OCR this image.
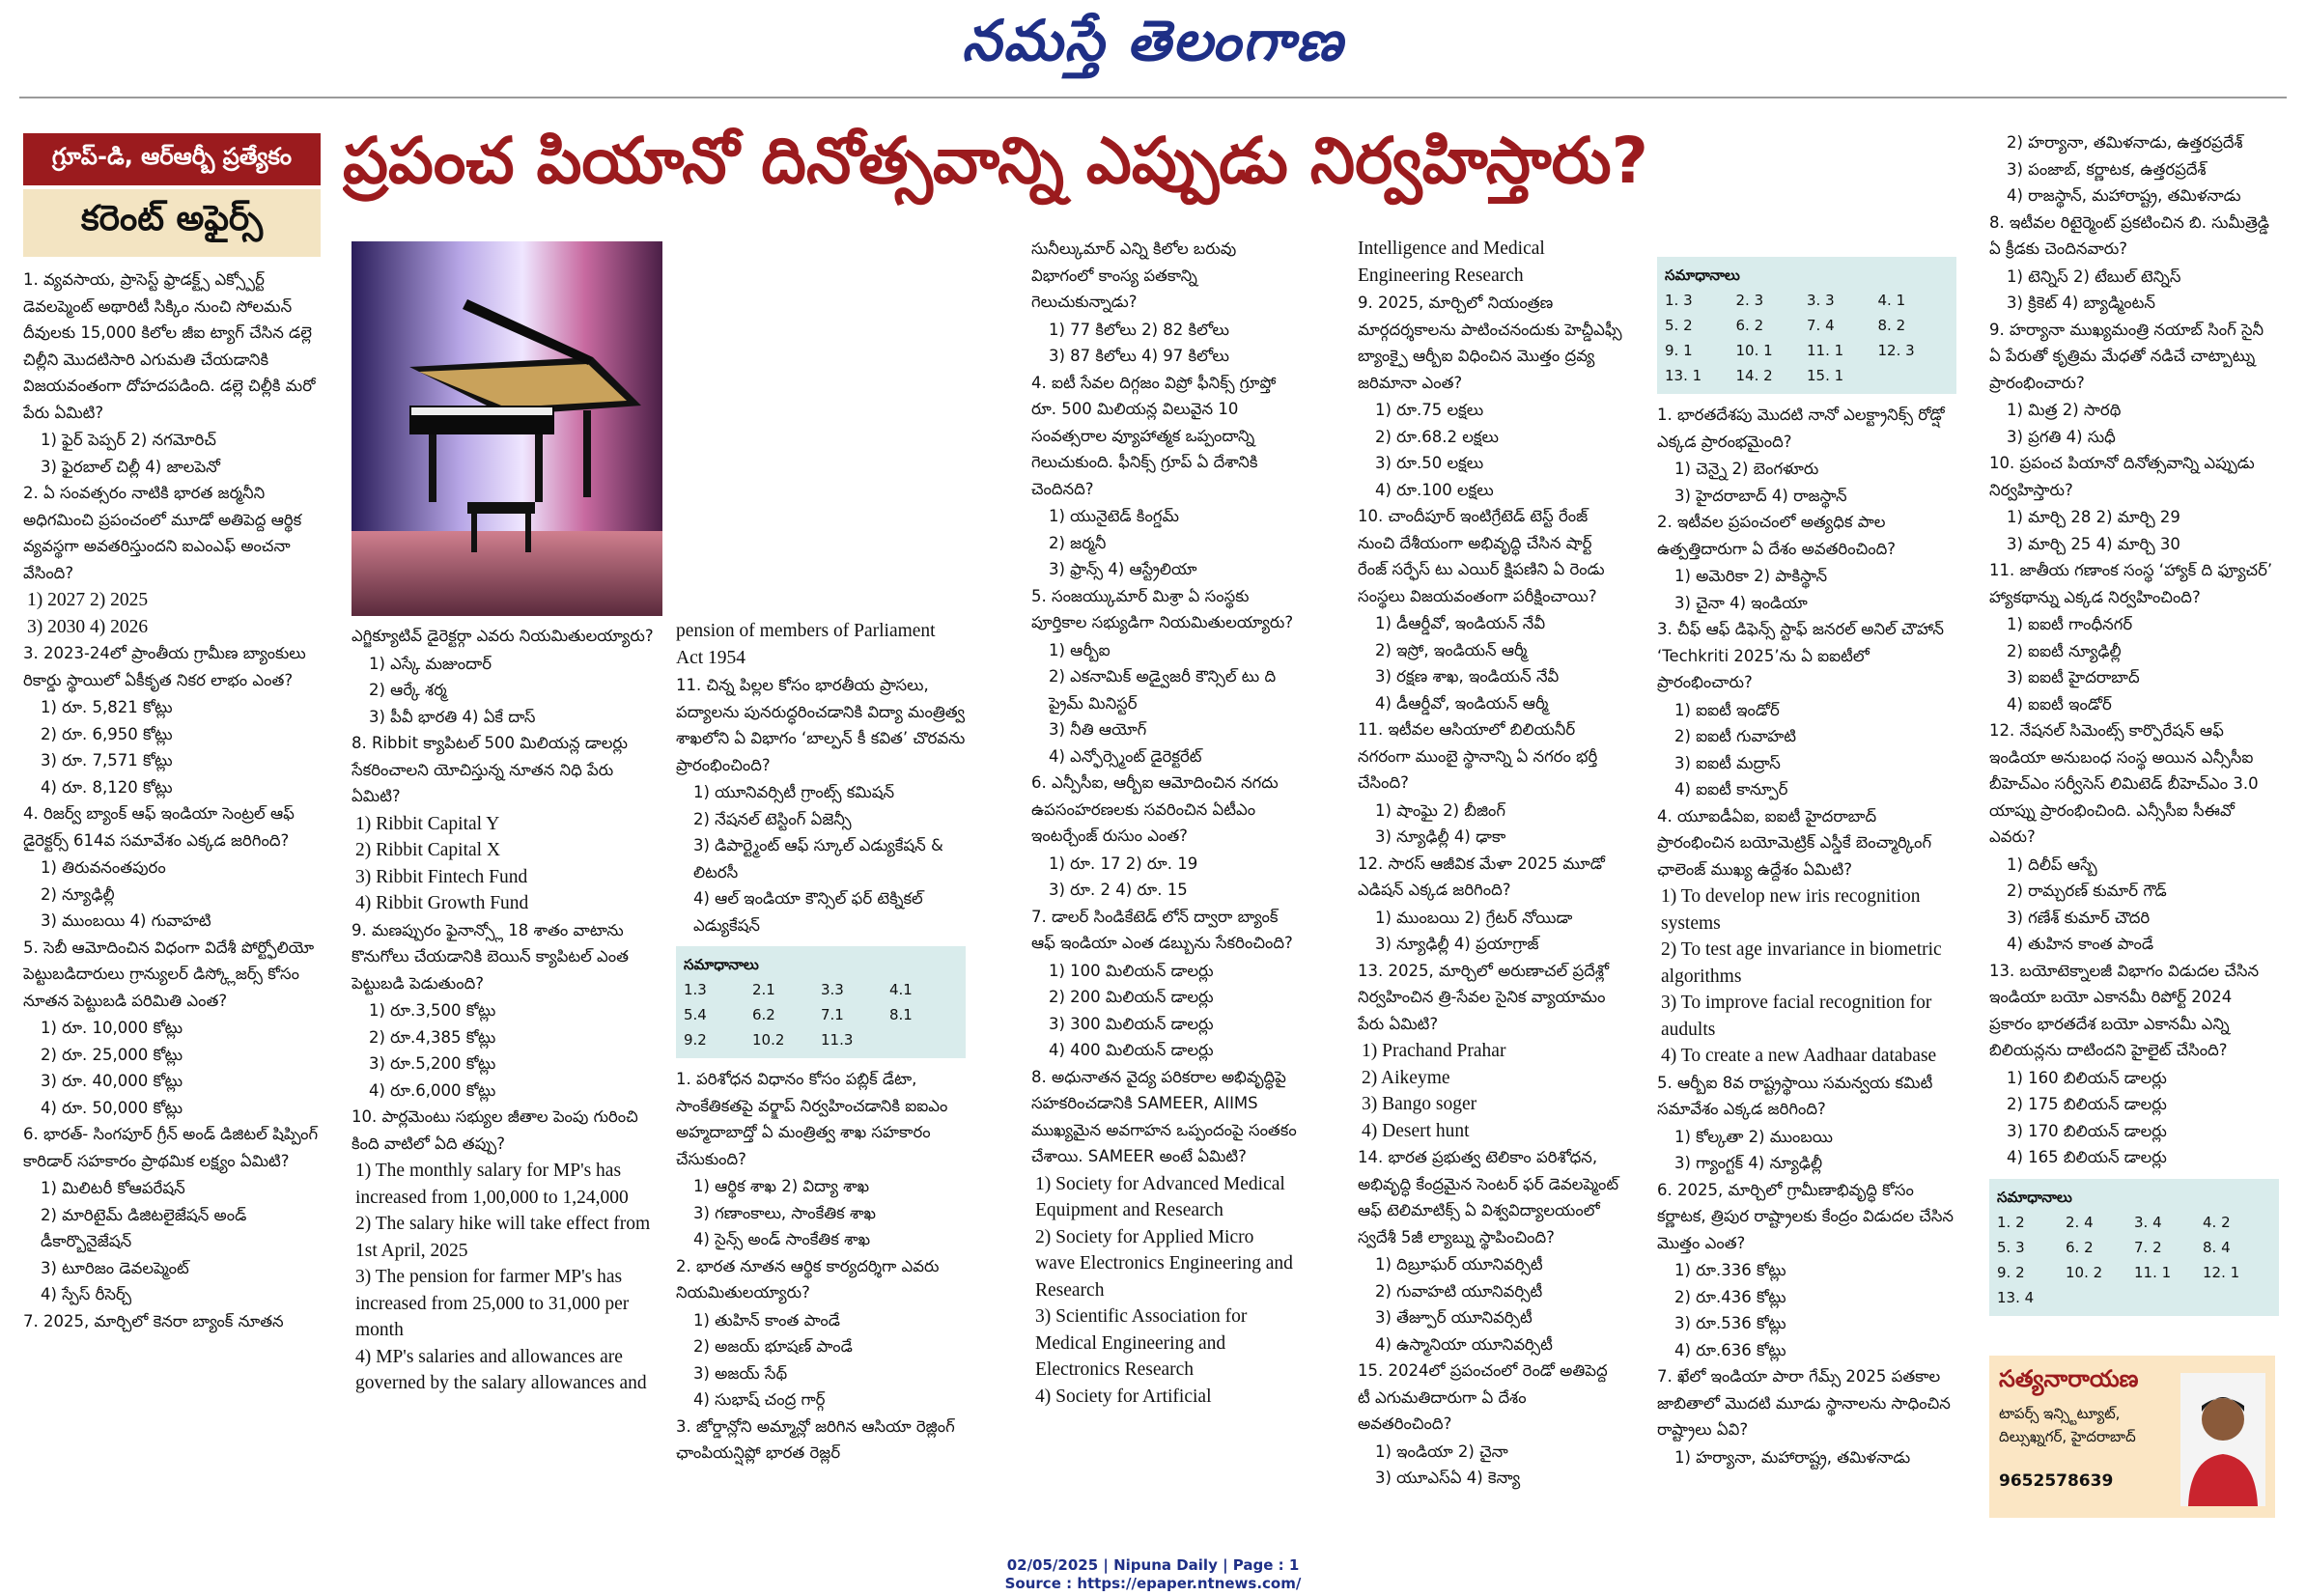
నమస్తే తెలంగాణ
గ్రూప్-డి, ఆర్ఆర్బీ ప్రత్యేకం
కరెంట్ అఫైర్స్
ప్రపంచ పియానో దినోత్సవాన్ని ఎప్పుడు నిర్వహిస్తారు?
1. వ్యవసాయ, ప్రాసెస్ట్ ఫ్రాడక్ట్స్ ఎక్స్పోర్ట్ డెవలప్మెంట్ అథారిటీ సిక్కిం నుంచి సోలమన్ దీవులకు 15,000 కిలోల జీఐ ట్యాగ్ చేసిన డల్లె చిల్లీని మొదటిసారి ఎగుమతి చేయడానికి విజయవంతంగా దోహదపడింది. డల్లె చిల్లీకి మరో పేరు ఏమిటి?
1) ఫైర్ పెప్పర్ 2) నగమోరిచ్
3) ఫైరబాల్ చిల్లీ 4) జాలపెనో
2. ఏ సంవత్సరం నాటికి భారత జర్మనీని అధిగమించి ప్రపంచంలో మూడో అతిపెద్ద ఆర్థిక వ్యవస్థగా అవతరిస్తుందని ఐఎంఎఫ్ అంచనా వేసింది?
1) 2027 2) 2025
3) 2030 4) 2026
3. 2023-24లో ప్రాంతీయ గ్రామీణ బ్యాంకులు రికార్డు స్థాయిలో ఏకీకృత నికర లాభం ఎంత?
1) రూ. 5,821 కోట్లు
2) రూ. 6,950 కోట్లు
3) రూ. 7,571 కోట్లు
4) రూ. 8,120 కోట్లు
4. రిజర్వ్ బ్యాంక్ ఆఫ్ ఇండియా సెంట్రల్ ఆఫ్ డైరెక్టర్స్ 614వ సమావేశం ఎక్కడ జరిగింది?
1) తిరువనంతపురం
2) న్యూఢిల్లీ
3) ముంబయి 4) గువాహటి
5. సెబీ ఆమోదించిన విధంగా విదేశీ పోర్ట్ఫోలియో పెట్టుబడిదారులు గ్రాన్యులర్ డిస్క్లోజర్స్ కోసం నూతన పెట్టుబడి పరిమితి ఎంత?
1) రూ. 10,000 కోట్లు
2) రూ. 25,000 కోట్లు
3) రూ. 40,000 కోట్లు
4) రూ. 50,000 కోట్లు
6. భారత్- సింగపూర్ గ్రీన్ అండ్ డిజిటల్ షిప్పింగ్ కారిడార్ సహకారం ప్రాథమిక లక్ష్యం ఏమిటి?
1) మిలిటరీ కోఆపరేషన్
2) మారిటైమ్ డిజిటలైజేషన్ అండ్ డీకార్బొనైజేషన్
3) టూరిజం డెవలప్మెంట్
4) స్పేస్ రీసెర్చ్
7. 2025, మార్చిలో కెనరా బ్యాంక్ నూతన
ఎగ్జిక్యూటివ్ డైరెక్టర్గా ఎవరు నియమితులయ్యారు?
1) ఎస్కే మజుందార్
2) ఆర్కే శర్మ
3) పీవీ భారతి 4) ఏకే దాస్
8. Ribbit క్యాపిటల్ 500 మిలియన్ల డాలర్లు సేకరించాలని యోచిస్తున్న నూతన నిధి పేరు ఏమిటి?
1) Ribbit Capital Y
2) Ribbit Capital X
3) Ribbit Fintech Fund
4) Ribbit Growth Fund
9. మణప్పురం ఫైనాన్స్లో 18 శాతం వాటాను కొనుగోలు చేయడానికి బెయిన్ క్యాపిటల్ ఎంత పెట్టుబడి పెడుతుంది?
1) రూ.3,500 కోట్లు
2) రూ.4,385 కోట్లు
3) రూ.5,200 కోట్లు
4) రూ.6,000 కోట్లు
10. పార్లమెంటు సభ్యుల జీతాల పెంపు గురించి కింది వాటిలో ఏది తప్పు?
1) The monthly salary for MP's has increased from 1,00,000 to 1,24,000
2) The salary hike will take effect from 1st April, 2025
3) The pension for farmer MP's has increased from 25,000 to 31,000 per month
4) MP's salaries and allowances are governed by the salary allowances and
pension of members of Parliament Act 1954
11. చిన్న పిల్లల కోసం భారతీయ ప్రాసలు, పద్యాలను పునరుద్ధరించడానికి విద్యా మంత్రిత్వ శాఖలోని ఏ విభాగం ‘బాల్పన్ కీ కవిత’ చొరవను ప్రారంభించింది?
1) యూనివర్సిటీ గ్రాంట్స్ కమిషన్
2) నేషనల్ టెస్టింగ్ ఏజెన్సీ
3) డిపార్ట్మెంట్ ఆఫ్ స్కూల్ ఎడ్యుకేషన్ & లిటరసీ
4) ఆల్ ఇండియా కౌన్సిల్ ఫర్ టెక్నికల్ ఎడ్యుకేషన్
సమాధానాలు
1.3	2.1	3.3	4.1
5.4	6.2	7.1	8.1
9.2	10.2	11.3
1. పరిశోధన విధానం కోసం పబ్లిక్ డేటా, సాంకేతికతపై వర్క్షాప్ నిర్వహించడానికి ఐఐఎం అహ్మదాబాద్తో ఏ మంత్రిత్వ శాఖ సహకారం చేసుకుంది?
1) ఆర్థిక శాఖ 2) విద్యా శాఖ
3) గణాంకాలు, సాంకేతిక శాఖ
4) సైన్స్ అండ్ సాంకేతిక శాఖ
2. భారత నూతన ఆర్థిక కార్యదర్శిగా ఎవరు నియమితులయ్యారు?
1) తుహిన్ కాంత పాండే
2) అజయ్ భూషణ్ పాండే
3) అజయ్ సేథ్
4) సుభాష్ చంద్ర గార్గ్
3. జోర్డాన్లోని అమ్మాన్లో జరిగిన ఆసియా రెజ్లింగ్ ఛాంపియన్షిప్లో భారత రెజ్లర్
సునీల్కుమార్ ఎన్ని కిలోల బరువు విభాగంలో కాంస్య పతకాన్ని గెలుచుకున్నాడు?
1) 77 కిలోలు 2) 82 కిలోలు
3) 87 కిలోలు 4) 97 కిలోలు
4. ఐటీ సేవల దిగ్గజం విప్రో ఫీనిక్స్ గ్రూప్తో రూ. 500 మిలియన్ల విలువైన 10 సంవత్సరాల వ్యూహాత్మక ఒప్పందాన్ని గెలుచుకుంది. ఫీనిక్స్ గ్రూప్ ఏ దేశానికి చెందినది?
1) యునైటెడ్ కింగ్డమ్
2) జర్మనీ
3) ఫ్రాన్స్ 4) ఆస్ట్రేలియా
5. సంజయ్కుమార్ మిశ్రా ఏ సంస్థకు పూర్తికాల సభ్యుడిగా నియమితులయ్యారు?
1) ఆర్బీఐ
2) ఎకనామిక్ అడ్వైజరీ కౌన్సిల్ టు ది ప్రైమ్ మినిస్టర్
3) నీతి ఆయోగ్
4) ఎన్ఫోర్స్మెంట్ డైరెక్టరేట్
6. ఎన్పీసీఐ, ఆర్బీఐ ఆమోదించిన నగదు ఉపసంహరణలకు సవరించిన ఏటీఎం ఇంటర్చేంజ్ రుసుం ఎంత?
1) రూ. 17 2) రూ. 19
3) రూ. 2 4) రూ. 15
7. డాలర్ సిండికేటెడ్ లోన్ ద్వారా బ్యాంక్ ఆఫ్ ఇండియా ఎంత డబ్బును సేకరించింది?
1) 100 మిలియన్ డాలర్లు
2) 200 మిలియన్ డాలర్లు
3) 300 మిలియన్ డాలర్లు
4) 400 మిలియన్ డాలర్లు
8. అధునాతన వైద్య పరికరాల అభివృద్ధిపై సహకరించడానికి SAMEER, AIIMS ముఖ్యమైన అవగాహన ఒప్పందంపై సంతకం చేశాయి. SAMEER అంటే ఏమిటి?
1) Society for Advanced Medical Equipment and Research
2) Society for Applied Micro wave Electronics Engineering and Research
3) Scientific Association for Medical Engineering and Electronics Research
4) Society for Artificial
Intelligence and Medical Engineering Research
9. 2025, మార్చిలో నియంత్రణ మార్గదర్శకాలను పాటించనందుకు హెచ్డీఎఫ్సీ బ్యాంక్పై ఆర్బీఐ విధించిన మొత్తం ద్రవ్య జరిమానా ఎంత?
1) రూ.75 లక్షలు
2) రూ.68.2 లక్షలు
3) రూ.50 లక్షలు
4) రూ.100 లక్షలు
10. చాందీపూర్ ఇంటిగ్రేటెడ్ టెస్ట్ రేంజ్ నుంచి దేశీయంగా అభివృద్ధి చేసిన షార్ట్ రేంజ్ సర్ఫేస్ టు ఎయిర్ క్షిపణిని ఏ రెండు సంస్థలు విజయవంతంగా పరీక్షించాయి?
1) డీఆర్డీవో, ఇండియన్ నేవీ
2) ఇస్రో, ఇండియన్ ఆర్మీ
3) రక్షణ శాఖ, ఇండియన్ నేవీ
4) డీఆర్డీవో, ఇండియన్ ఆర్మీ
11. ఇటీవల ఆసియాలో బిలియనీర్ నగరంగా ముంబై స్థానాన్ని ఏ నగరం భర్తీ చేసింది?
1) షాంఘై 2) బీజింగ్
3) న్యూఢిల్లీ 4) ఢాకా
12. సారస్ ఆజీవిక మేళా 2025 మూడో ఎడిషన్ ఎక్కడ జరిగింది?
1) ముంబయి 2) గ్రేటర్ నోయిడా
3) న్యూఢిల్లీ 4) ప్రయాగ్రాజ్
13. 2025, మార్చిలో అరుణాచల్ ప్రదేశ్లో నిర్వహించిన త్రి-సేవల సైనిక వ్యాయామం పేరు ఏమిటి?
1) Prachand Prahar
2) Aikeyme
3) Bango soger
4) Desert hunt
14. భారత ప్రభుత్వ టెలికాం పరిశోధన, అభివృద్ధి కేంద్రమైన సెంటర్ ఫర్ డెవలప్మెంట్ ఆఫ్ టెలిమాటిక్స్ ఏ విశ్వవిద్యాలయంలో స్వదేశీ 5జీ ల్యాబ్ను స్థాపించింది?
1) దిబ్రూఘర్ యూనివర్సిటీ
2) గువాహటి యూనివర్సిటీ
3) తేజ్పూర్ యూనివర్సిటీ
4) ఉస్మానియా యూనివర్సిటీ
15. 2024లో ప్రపంచంలో రెండో అతిపెద్ద టీ ఎగుమతిదారుగా ఏ దేశం అవతరించింది?
1) ఇండియా 2) చైనా
3) యూఎస్ఏ 4) కెన్యా
సమాధానాలు
1. 3	2. 3	3. 3	4. 1
5. 2	6. 2	7. 4	8. 2
9. 1	10. 1	11. 1	12. 3
13. 1	14. 2	15. 1
1. భారతదేశపు మొదటి నానో ఎలక్ట్రానిక్స్ రోడ్షో ఎక్కడ ప్రారంభమైంది?
1) చెన్నై 2) బెంగళూరు
3) హైదరాబాద్ 4) రాజస్థాన్
2. ఇటీవల ప్రపంచంలో అత్యధిక పాల ఉత్పత్తిదారుగా ఏ దేశం అవతరించింది?
1) అమెరికా 2) పాకిస్థాన్
3) చైనా 4) ఇండియా
3. చీఫ్ ఆఫ్ డిఫెన్స్ స్టాఫ్ జనరల్ అనిల్ చౌహాన్ ‘Techkriti 2025’ను ఏ ఐఐటీలో ప్రారంభించారు?
1) ఐఐటీ ఇండోర్
2) ఐఐటీ గువాహటి
3) ఐఐటీ మద్రాస్
4) ఐఐటీ కాన్పూర్
4. యూఐడీఏఐ, ఐఐటీ హైదరాబాద్ ప్రారంభించిన బయోమెట్రిక్ ఎస్డీకే బెంచ్మార్కింగ్ ఛాలెంజ్ ముఖ్య ఉద్దేశం ఏమిటి?
1) To develop new iris recognition systems
2) To test age invariance in biometric algorithms
3) To improve facial recognition for audults
4) To create a new Aadhaar database
5. ఆర్బీఐ 8వ రాష్ట్రస్థాయి సమన్వయ కమిటీ సమావేశం ఎక్కడ జరిగింది?
1) కోల్కతా 2) ముంబయి
3) గ్యాంగ్టక్ 4) న్యూఢిల్లీ
6. 2025, మార్చిలో గ్రామీణాభివృద్ధి కోసం కర్ణాటక, త్రిపుర రాష్ట్రాలకు కేంద్రం విడుదల చేసిన మొత్తం ఎంత?
1) రూ.336 కోట్లు
2) రూ.436 కోట్లు
3) రూ.536 కోట్లు
4) రూ.636 కోట్లు
7. ఖేలో ఇండియా పారా గేమ్స్ 2025 పతకాల జాబితాలో మొదటి మూడు స్థానాలను సాధించిన రాష్ట్రాలు ఏవి?
1) హర్యానా, మహారాష్ట్ర, తమిళనాడు
2) హర్యానా, తమిళనాడు, ఉత్తరప్రదేశ్
3) పంజాబ్, కర్ణాటక, ఉత్తరప్రదేశ్
4) రాజస్థాన్, మహారాష్ట్ర, తమిళనాడు
8. ఇటీవల రిటైర్మెంట్ ప్రకటించిన బి. సుమీత్రెడ్డి ఏ క్రీడకు చెందినవారు?
1) టెన్నిస్ 2) టేబుల్ టెన్నిస్
3) క్రికెట్ 4) బ్యాడ్మింటన్
9. హర్యానా ముఖ్యమంత్రి నయాబ్ సింగ్ సైనీ ఏ పేరుతో కృత్రిమ మేధతో నడిచే చాట్బాట్ను ప్రారంభించారు?
1) మిత్ర 2) సారథి
3) ప్రగతి 4) సుధీ
10. ప్రపంచ పియానో దినోత్సవాన్ని ఎప్పుడు నిర్వహిస్తారు?
1) మార్చి 28 2) మార్చి 29
3) మార్చి 25 4) మార్చి 30
11. జాతీయ గణాంక సంస్థ ‘హ్యాక్ ది ఫ్యూచర్’ హ్యాకథాన్ను ఎక్కడ నిర్వహించింది?
1) ఐఐటీ గాంధీనగర్
2) ఐఐటీ న్యూఢిల్లీ
3) ఐఐటీ హైదరాబాద్
4) ఐఐటీ ఇండోర్
12. నేషనల్ సిమెంట్స్ కార్పొరేషన్ ఆఫ్ ఇండియా అనుబంధ సంస్థ అయిన ఎన్సీసీఐ బీహెచ్ఎం సర్వీసెస్ లిమిటెడ్ బీహెచ్ఎం 3.0 యాప్ను ప్రారంభించింది. ఎన్సీసీఐ సీఈవో ఎవరు?
1) దిలీప్ ఆస్బే
2) రామ్చరణ్ కుమార్ గౌడ్
3) గణేశ్ కుమార్ చౌదరి
4) తుహిన కాంత పాండే
13. బయోటెక్నాలజీ విభాగం విడుదల చేసిన ఇండియా బయో ఎకానమీ రిపోర్ట్ 2024 ప్రకారం భారతదేశ బయో ఎకానమీ ఎన్ని బిలియన్లను దాటిందని హైలైట్ చేసింది?
1) 160 బిలియన్ డాలర్లు
2) 175 బిలియన్ డాలర్లు
3) 170 బిలియన్ డాలర్లు
4) 165 బిలియన్ డాలర్లు
సమాధానాలు
1. 2	2. 4	3. 4	4. 2
5. 3	6. 2	7. 2	8. 4
9. 2	10. 2	11. 1	12. 1
13. 4
సత్యనారాయణ
టాపర్స్ ఇన్స్టిట్యూట్, దిల్సుఖ్నగర్, హైదరాబాద్
9652578639
02/05/2025 | Nipuna Daily | Page : 1
Source : https://epaper.ntnews.com/
